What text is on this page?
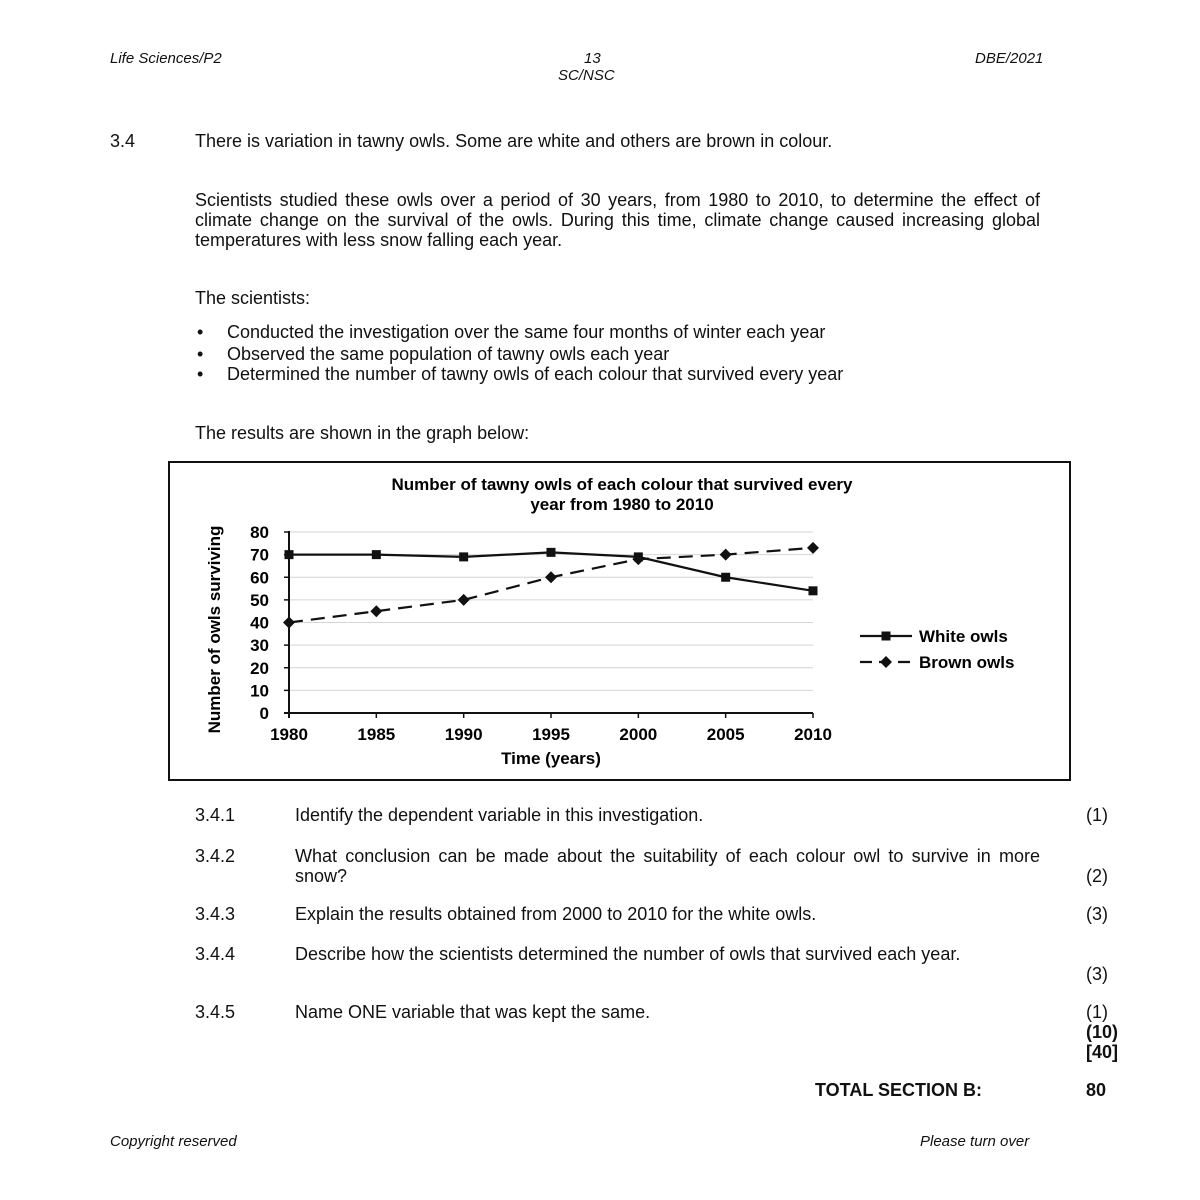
Life Sciences/P2	13
SC/NSC
DBE/2021
3.4	There is variation in tawny owls. Some are white and others are brown in colour.
Scientists studied these owls over a period of 30 years, from 1980 to 2010, to determine the effect of climate change on the survival of the owls. During this time, climate change caused increasing global temperatures with less snow falling each year.
The scientists:
• Conducted the investigation over the same four months of winter each year
• Observed the same population of tawny owls each year
• Determined the number of tawny owls of each colour that survived every year
The results are shown in the graph below:
Number of tawny owls of each colour that survived every
year from 1980 to 2010
0
10
20
30
40
50
60
70
80
1980	1985	1990	1995	2000	2005	2010
Time (years)
Number of owls surviving	White owls
Brown owls
3.4.1	Identify the dependent variable in this investigation.	(1)
3.4.2	What conclusion can be made about the suitability of each colour owl to survive in more snow?	(2)
3.4.3	Explain the results obtained from 2000 to 2010 for the white owls.	(3)
3.4.4	Describe how the scientists determined the number of owls that survived each year.
(3)
3.4.5	Name ONE variable that was kept the same.	(1)
(10)
[40]
TOTAL SECTION B:	80
Copyright reserved	Please turn over
